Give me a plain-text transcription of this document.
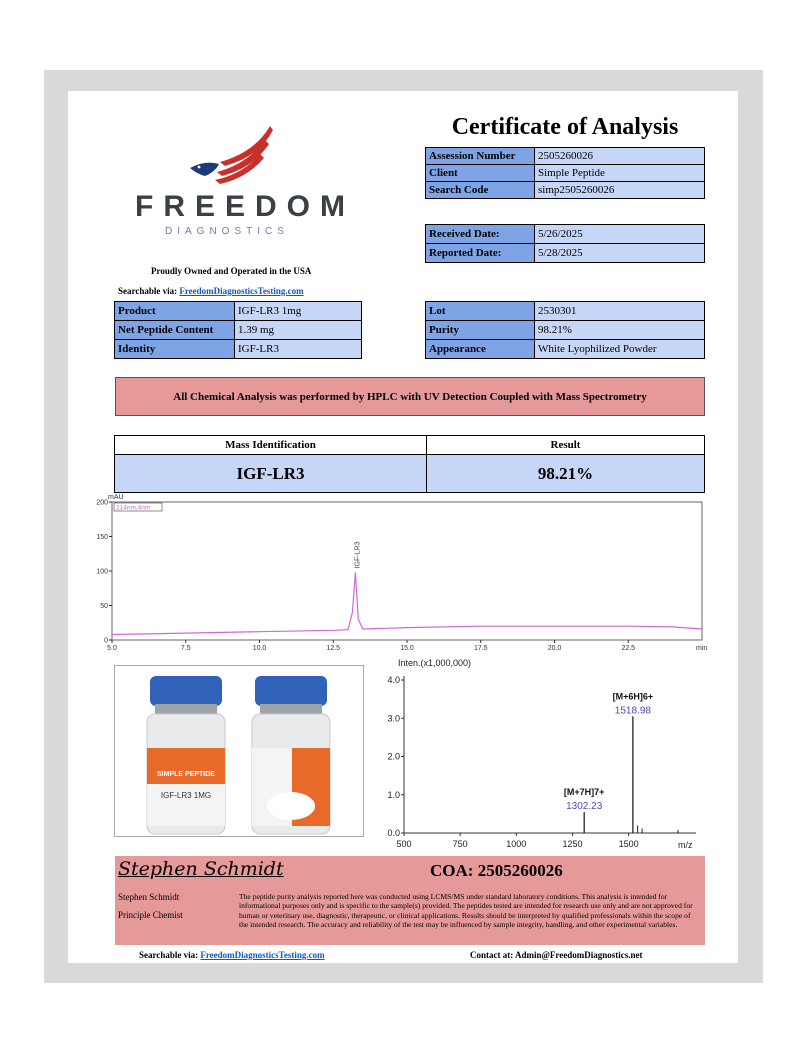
FREEDOM
DIAGNOSTICS
Proudly Owned and Operated in the USA
Searchable via: FreedomDiagnosticsTesting.com
Certificate of Analysis
Assession Number	2505260026
Client	Simple Peptide
Search Code	simp2505260026
Received Date:	5/26/2025
Reported Date:	5/28/2025
Product	IGF-LR3 1mg
Net Peptide Content	1.39 mg
Identity	IGF-LR3
Lot	2530301
Purity	98.21%
Appearance	White Lyophilized Powder
All Chemical Analysis was performed by HPLC with UV Detection Coupled with Mass Spectrometry
Mass Identification	Result
IGF-LR3	98.21%
mAU
min
0
50
100
150
200
5.0	7.5	10.0	12.5	15.0	17.5	20.0	22.5
214nm,4nm
IGF-LR3
SIMPLE PEPTIDE
IGF-LR3 1MG
Inten.(x1,000,000)
m/z
0.0
1.0
2.0
3.0
4.0
500	750	1000	1250	1500
1302.23
[M+7H]7+
1518.98
[M+6H]6+
Stephen Schmidt	COA: 2505260026
Stephen Schmidt
Principle Chemist
The peptide purity analysis reported here was conducted using LCMS/MS under standard laboratory conditions. This analysis is intended for informational purposes only and is specific to the sample(s) provided. The peptides tested are intended for research use only and are not approved for human or veterinary use, diagnostic, therapeutic, or clinical applications. Results should be interpreted by qualified professionals within the scope of the intended research. The accuracy and reliability of the test may be influenced by sample integrity, handling, and other experimental variables.
Searchable via: FreedomDiagnosticsTesting.com	Contact at: Admin@FreedomDiagnostics.net
